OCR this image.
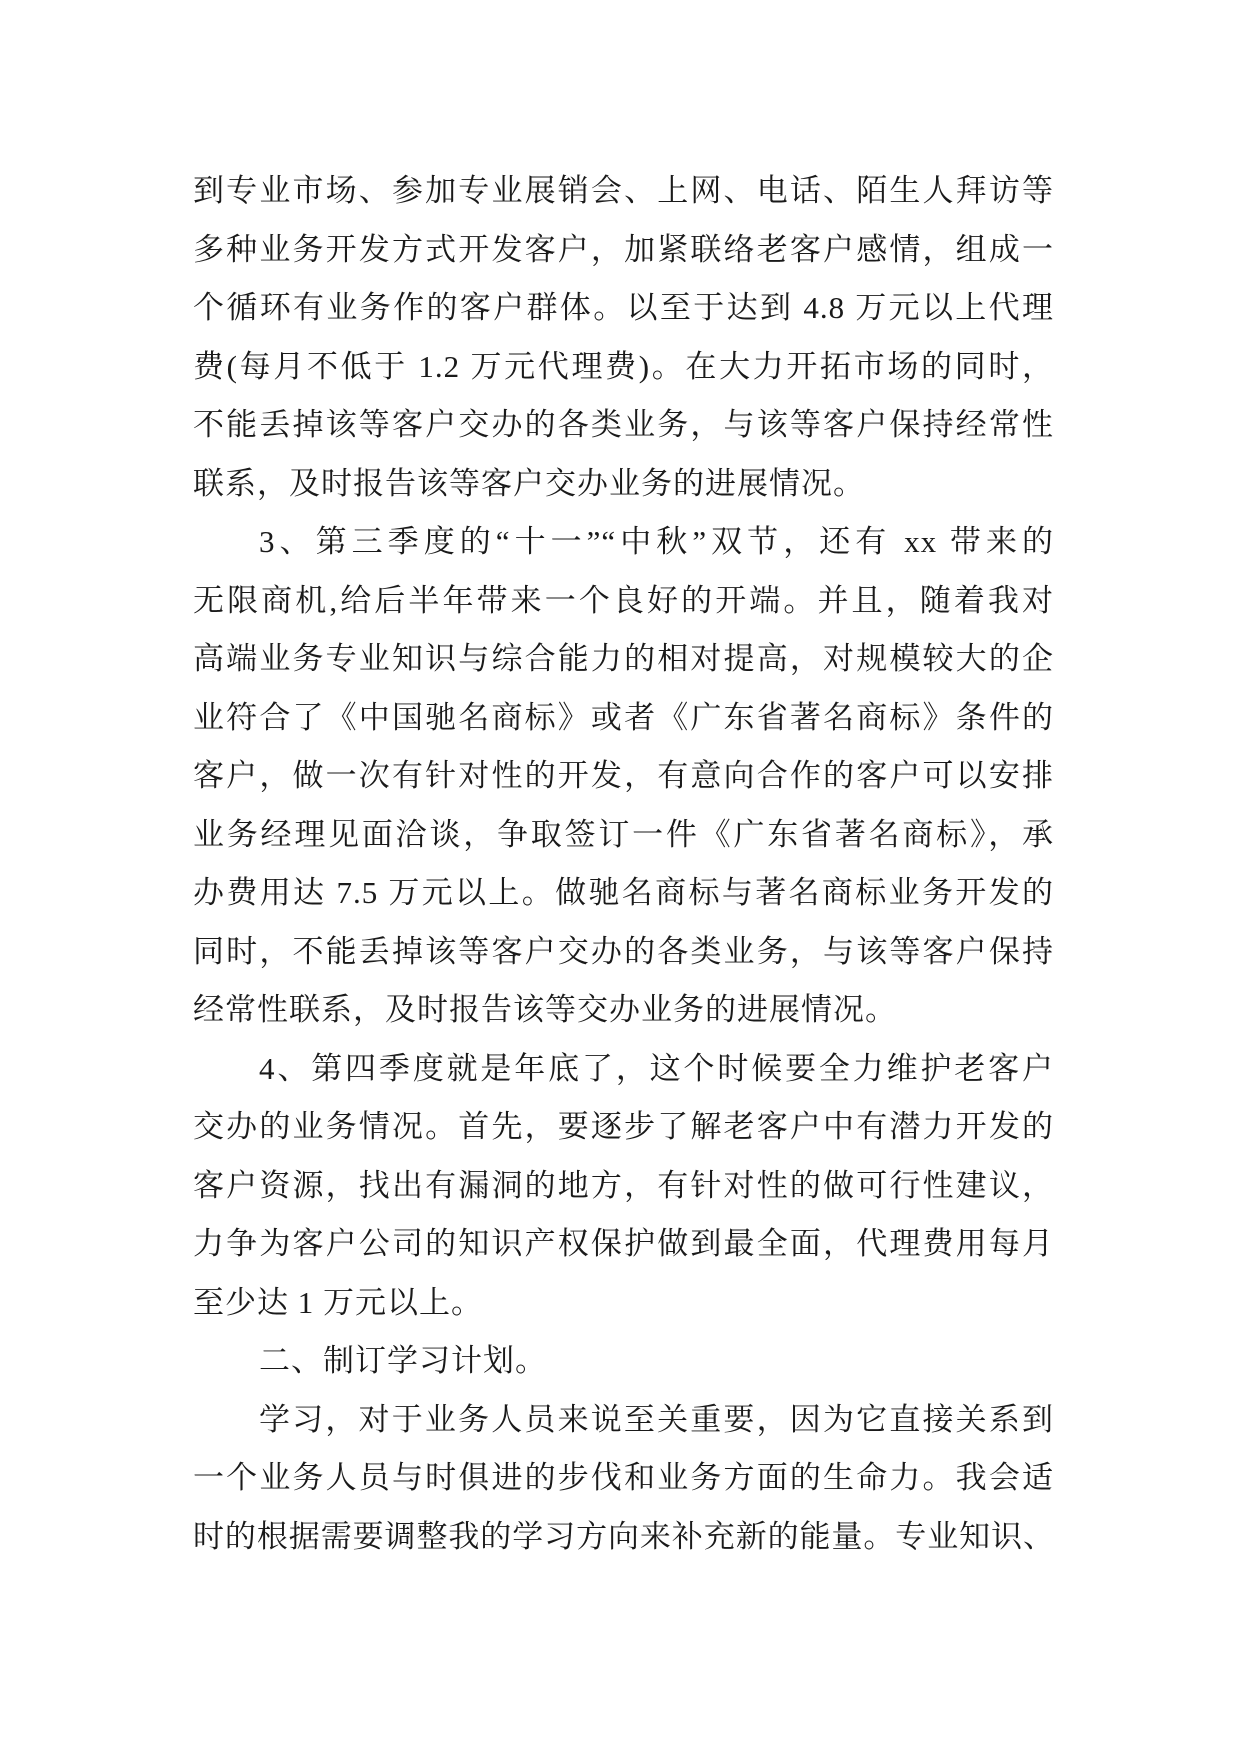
到专业市场、参加专业展销会、上网、电话、陌生人拜访等
多种业务开发方式开发客户，加紧联络老客户感情，组成一
个循环有业务作的客户群体。以至于达到 4.8 万元以上代理
费(每月不低于 1.2 万元代理费)。在大力开拓市场的同时，
不能丢掉该等客户交办的各类业务，与该等客户保持经常性
联系，及时报告该等客户交办业务的进展情况。
3、第三季度的“十一”“中秋”双节，还有 xx 带来的
无限商机,给后半年带来一个良好的开端。并且，随着我对
高端业务专业知识与综合能力的相对提高，对规模较大的企
业符合了《中国驰名商标》或者《广东省著名商标》条件的
客户，做一次有针对性的开发，有意向合作的客户可以安排
业务经理见面洽谈，争取签订一件《广东省著名商标》，承
办费用达 7.5 万元以上。做驰名商标与著名商标业务开发的
同时，不能丢掉该等客户交办的各类业务，与该等客户保持
经常性联系，及时报告该等交办业务的进展情况。
4、第四季度就是年底了，这个时候要全力维护老客户
交办的业务情况。首先，要逐步了解老客户中有潜力开发的
客户资源，找出有漏洞的地方，有针对性的做可行性建议，
力争为客户公司的知识产权保护做到最全面，代理费用每月
至少达 1 万元以上。
二、制订学习计划。
学习，对于业务人员来说至关重要，因为它直接关系到
一个业务人员与时俱进的步伐和业务方面的生命力。我会适
时的根据需要调整我的学习方向来补充新的能量。专业知识、
